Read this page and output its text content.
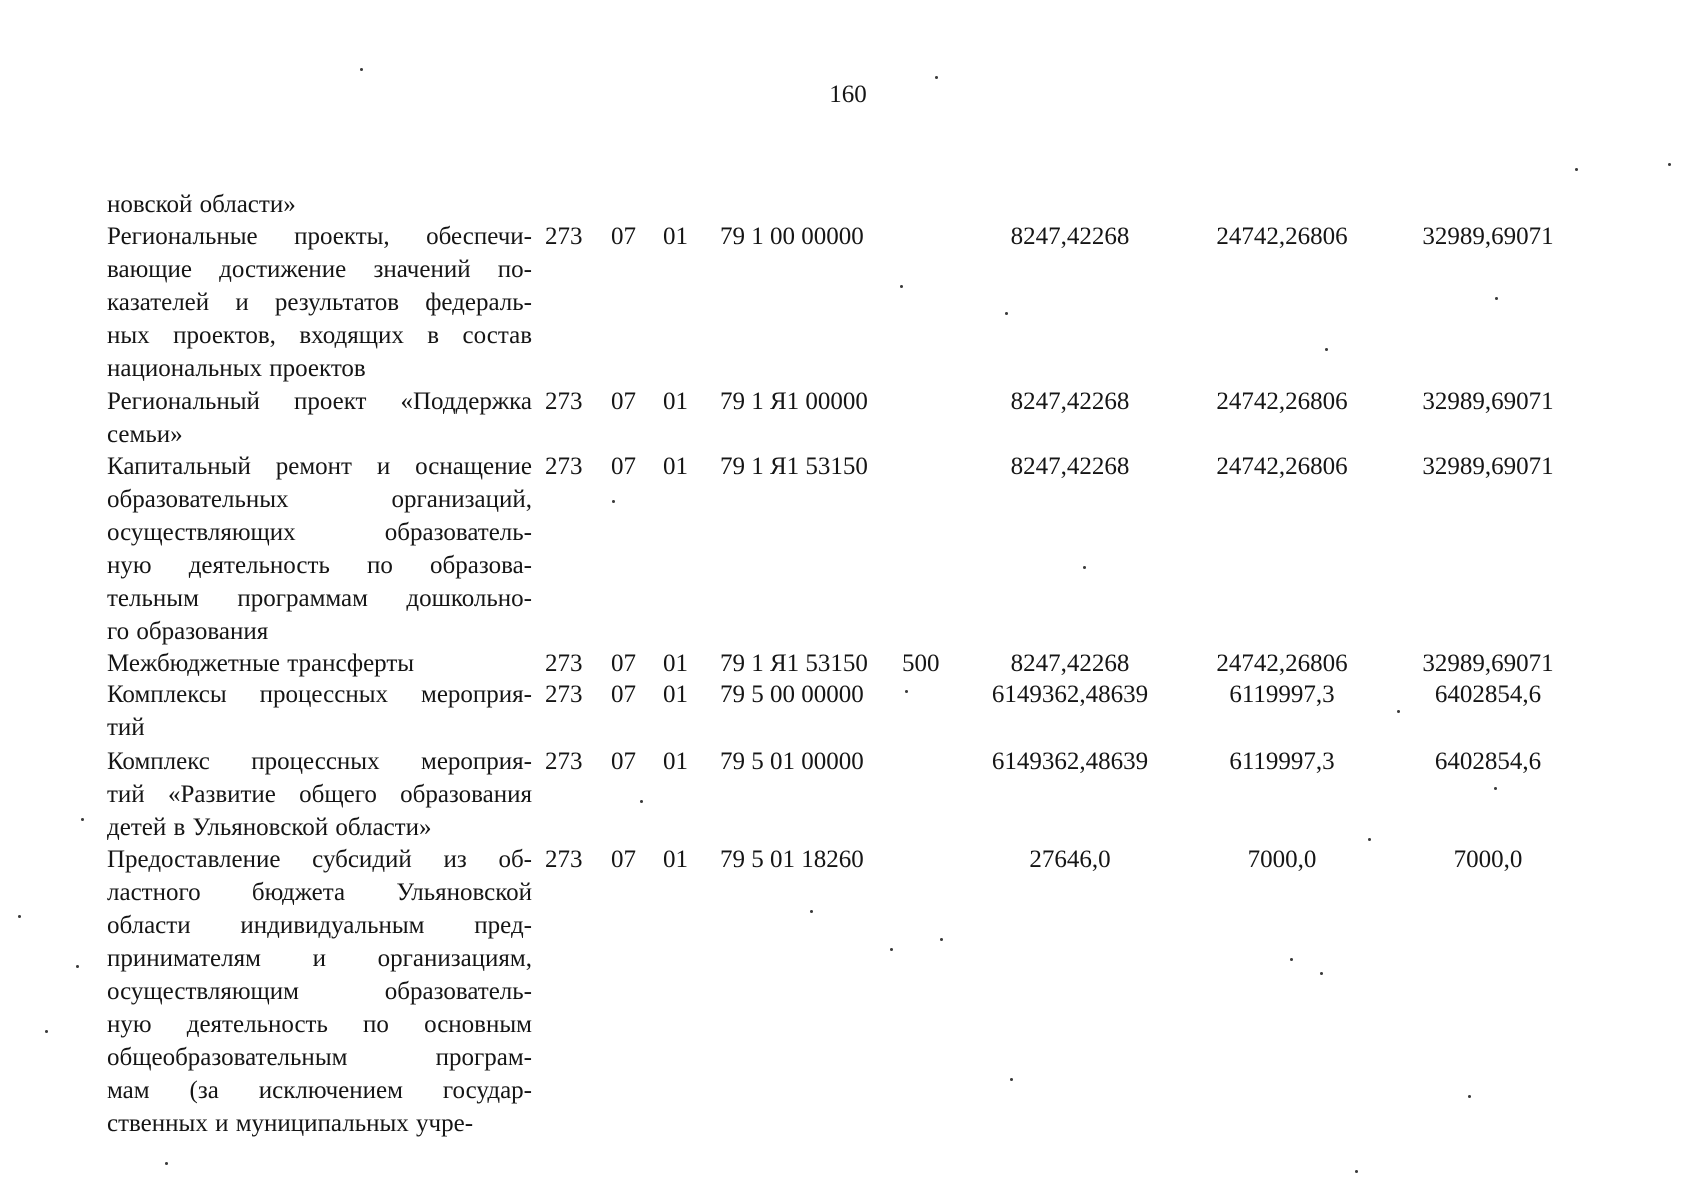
160
новской области»
Региональные проекты, обеспечи-
вающие достижение значений по-
казателей и результатов федераль-
ных проектов, входящих в состав
национальных проектов
273 07 01 79 1 00 00000	8247,42268	24742,26806	32989,69071
Региональный проект «Поддержка
семьи»
273 07 01 79 1 Я1 00000	8247,42268	24742,26806	32989,69071
Капитальный ремонт и оснащение
образовательных организаций,
осуществляющих образователь-
ную деятельность по образова-
тельным программам дошкольно-
го образования
273 07 01 79 1 Я1 53150	8247,42268	24742,26806	32989,69071
Межбюджетные трансферты	273 07 01 79 1 Я1 53150 500	8247,42268	24742,26806	32989,69071
Комплексы процессных мероприя-
тий
273 07 01 79 5 00 00000	6149362,48639	6119997,3	6402854,6
Комплекс процессных мероприя-
тий «Развитие общего образования
детей в Ульяновской области»
273 07 01 79 5 01 00000	6149362,48639	6119997,3	6402854,6
Предоставление субсидий из об-
ластного бюджета Ульяновской
области индивидуальным пред-
принимателям и организациям,
осуществляющим образователь-
ную деятельность по основным
общеобразовательным програм-
мам (за исключением государ-
ственных и муниципальных учре-
273 07 01 79 5 01 18260	27646,0	7000,0	7000,0
